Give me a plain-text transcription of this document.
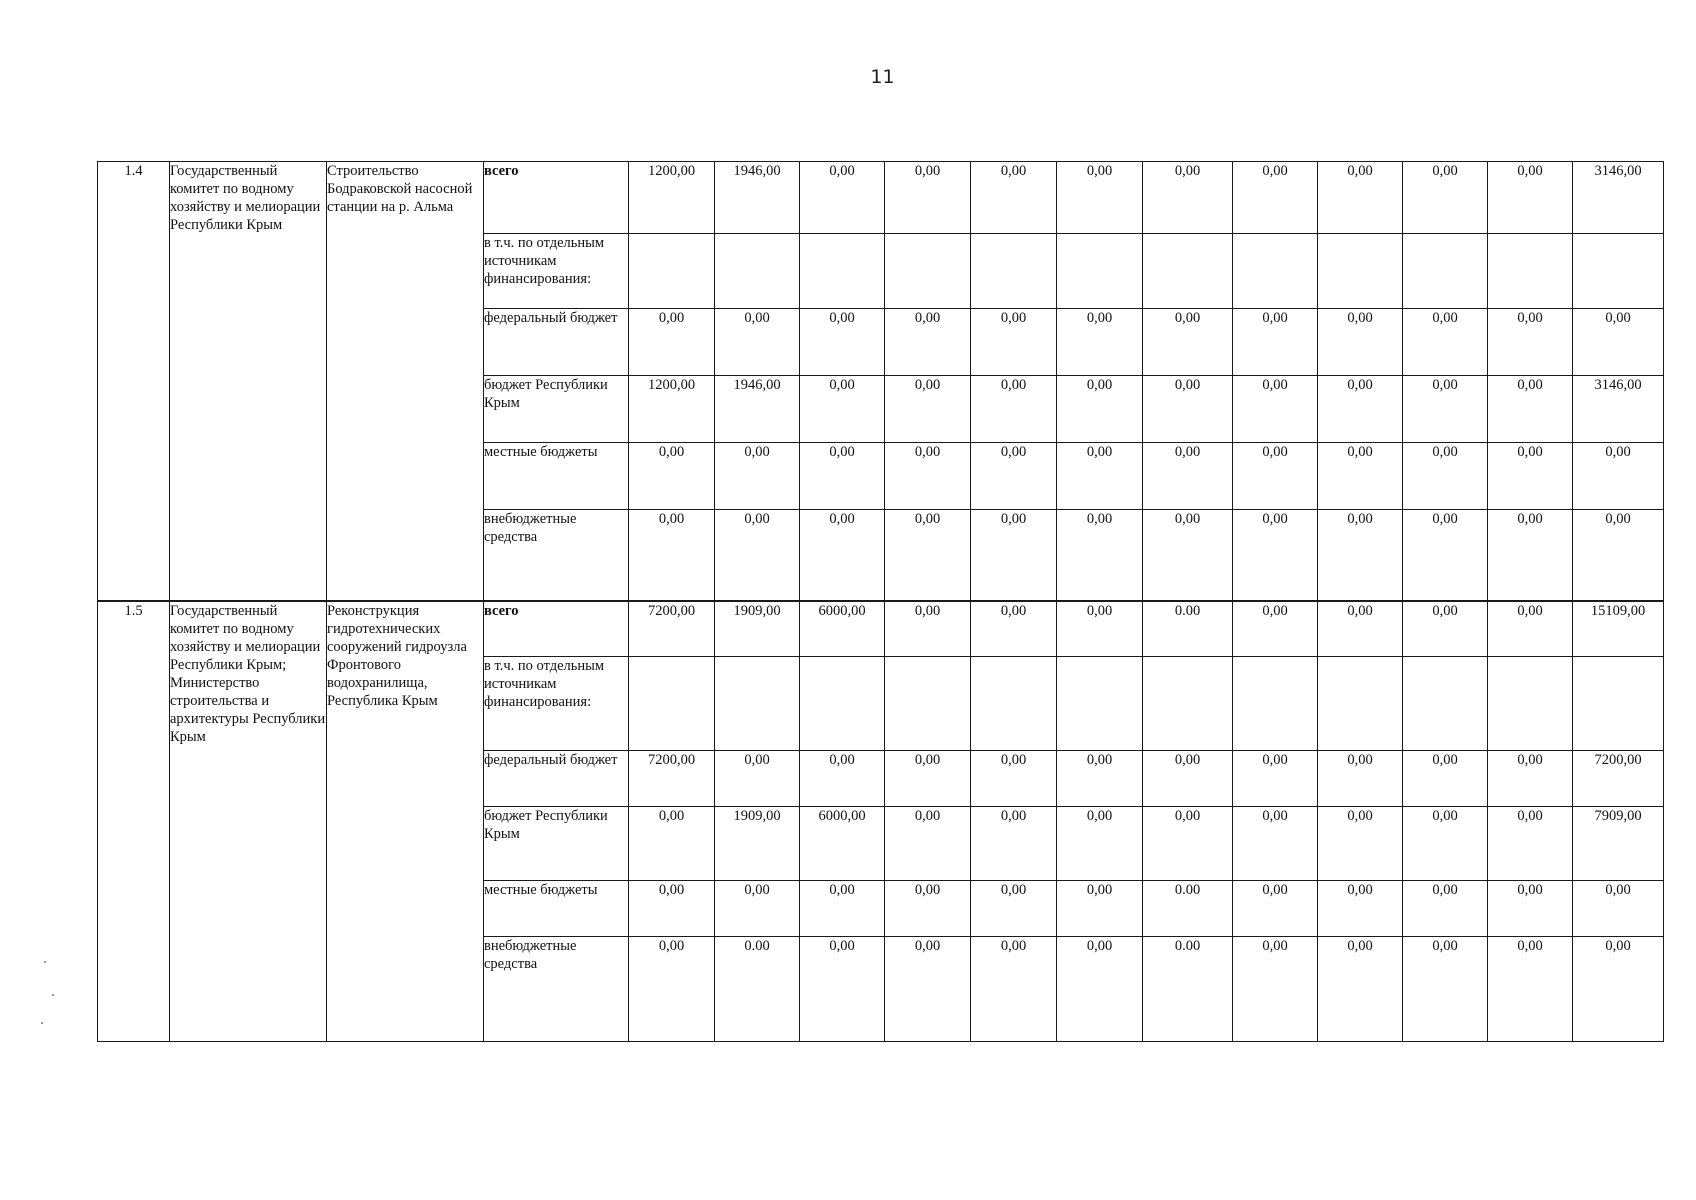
11
1.4	Государственный комитет по водному хозяйству и мелиорации Республики Крым	Строительство Бодраковской насосной станции на р. Альма	всего	1200,00	1946,00	0,00	0,00	0,00	0,00	0,00	0,00	0,00	0,00	0,00	3146,00
			в т.ч. по отдельным источникам финансирования:												
			федеральный бюджет	0,00	0,00	0,00	0,00	0,00	0,00	0,00	0,00	0,00	0,00	0,00	0,00
			бюджет Республики Крым	1200,00	1946,00	0,00	0,00	0,00	0,00	0,00	0,00	0,00	0,00	0,00	3146,00
			местные бюджеты	0,00	0,00	0,00	0,00	0,00	0,00	0,00	0,00	0,00	0,00	0,00	0,00
			внебюджетные средства	0,00	0,00	0,00	0,00	0,00	0,00	0,00	0,00	0,00	0,00	0,00	0,00
1.5	Государственный комитет по водному хозяйству и мелиорации Республики Крым; Министерство строительства и архитектуры Республики Крым	Реконструкция гидротехнических сооружений гидроузла Фронтового водохранилища, Республика Крым	всего	7200,00	1909,00	6000,00	0,00	0,00	0,00	0.00	0,00	0,00	0,00	0,00	15109,00
			в т.ч. по отдельным источникам финансирования:												
			федеральный бюджет	7200,00	0,00	0,00	0,00	0,00	0,00	0,00	0,00	0,00	0,00	0,00	7200,00
			бюджет Республики Крым	0,00	1909,00	6000,00	0,00	0,00	0,00	0,00	0,00	0,00	0,00	0,00	7909,00
			местные бюджеты	0,00	0,00	0,00	0,00	0,00	0,00	0.00	0,00	0,00	0,00	0,00	0,00
			внебюджетные средства	0,00	0.00	0,00	0,00	0,00	0,00	0.00	0,00	0,00	0,00	0,00	0,00
